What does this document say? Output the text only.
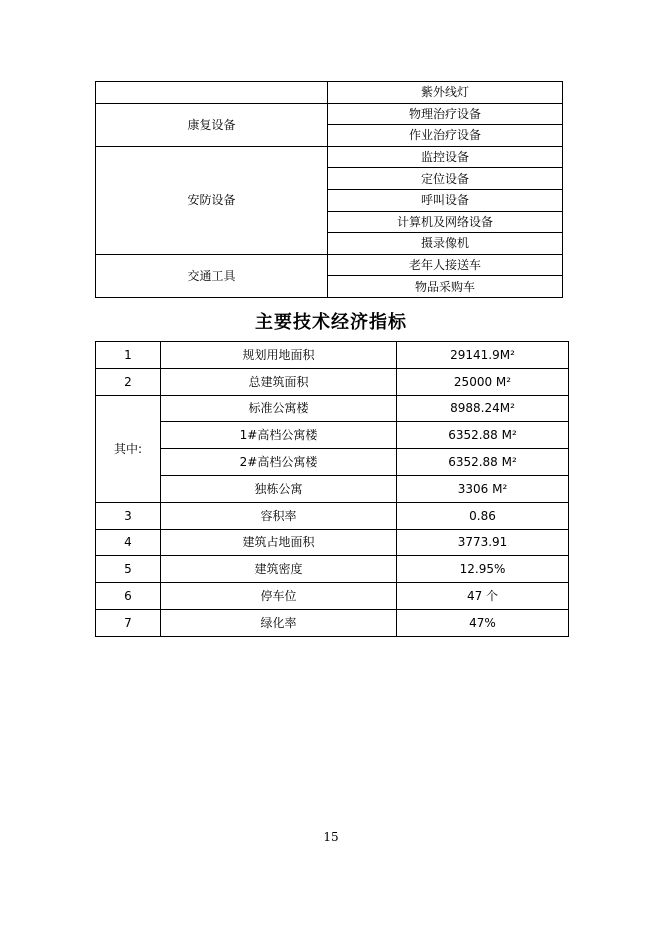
	紫外线灯
康复设备	物理治疗设备
	作业治疗设备
安防设备	监控设备
	定位设备
	呼叫设备
	计算机及网络设备
	摄录像机
交通工具	老年人接送车
	物品采购车
主要技术经济指标
1	规划用地面积	29141.9M²
2	总建筑面积	25000 M²
其中:	标准公寓楼	8988.24M²
	1#高档公寓楼	6352.88 M²
	2#高档公寓楼	6352.88 M²
	独栋公寓	3306 M²
3	容积率	0.86
4	建筑占地面积	3773.91
5	建筑密度	12.95%
6	停车位	47 个
7	绿化率	47%
15
